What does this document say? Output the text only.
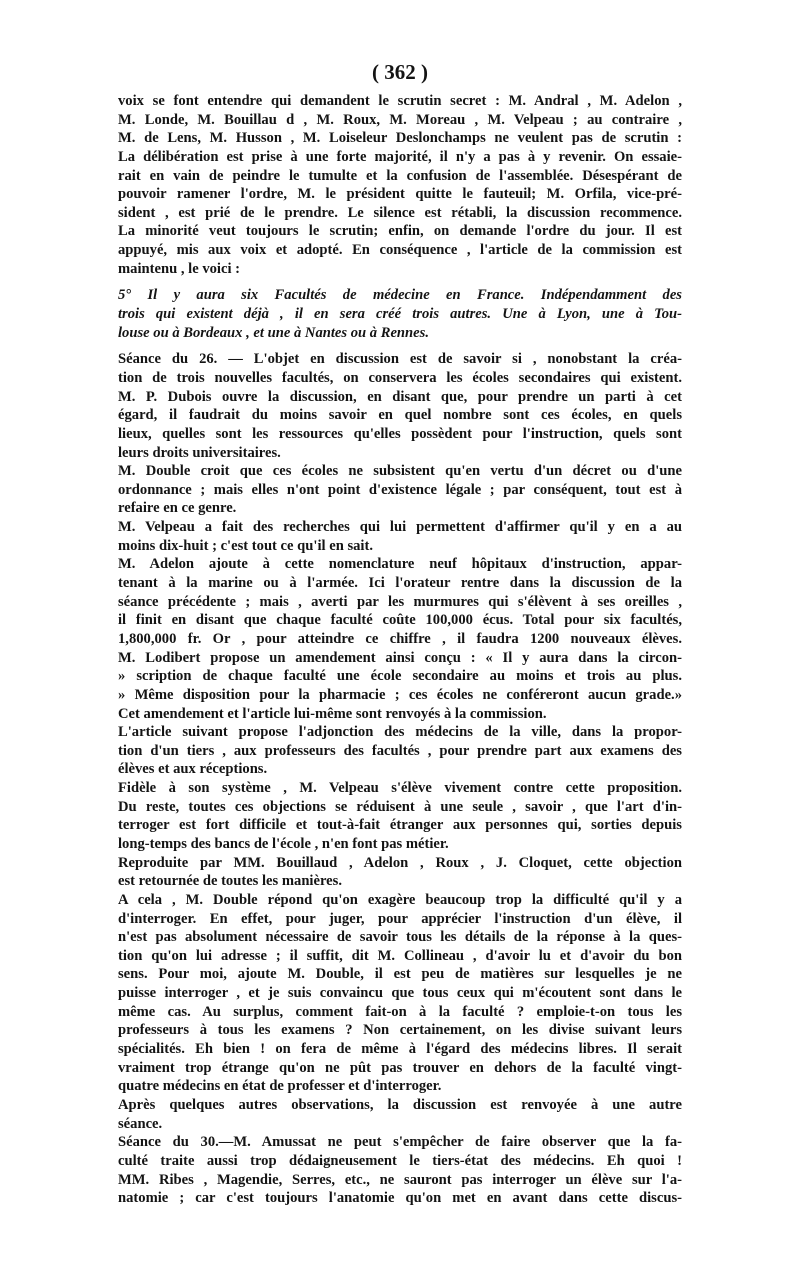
( 362 )
voix se font entendre qui demandent le scrutin secret : M. Andral , M. Adelon ,
M. Londe, M. Bouillau d , M. Roux, M. Moreau , M. Velpeau ; au contraire ,
M. de Lens, M. Husson , M. Loiseleur Deslonchamps ne veulent pas de scrutin :
La délibération est prise à une forte majorité, il n'y a pas à y revenir. On essaie-
rait en vain de peindre le tumulte et la confusion de l'assemblée. Désespérant de
pouvoir ramener l'ordre, M. le président quitte le fauteuil; M. Orfila, vice-pré-
sident , est prié de le prendre. Le silence est rétabli, la discussion recommence.
La minorité veut toujours le scrutin; enfin, on demande l'ordre du jour. Il est
appuyé, mis aux voix et adopté. En conséquence , l'article de la commission est
maintenu , le voici :
5° Il y aura six Facultés de médecine en France. Indépendamment des
trois qui existent déjà , il en sera créé trois autres. Une à Lyon, une à Tou-
louse ou à Bordeaux , et une à Nantes ou à Rennes.
Séance du 26. — L'objet en discussion est de savoir si , nonobstant la créa-
tion de trois nouvelles facultés, on conservera les écoles secondaires qui existent.
M. P. Dubois ouvre la discussion, en disant que, pour prendre un parti à cet
égard, il faudrait du moins savoir en quel nombre sont ces écoles, en quels
lieux, quelles sont les ressources qu'elles possèdent pour l'instruction, quels sont
leurs droits universitaires.
M. Double croit que ces écoles ne subsistent qu'en vertu d'un décret ou d'une
ordonnance ; mais elles n'ont point d'existence légale ; par conséquent, tout est à
refaire en ce genre.
M. Velpeau a fait des recherches qui lui permettent d'affirmer qu'il y en a au
moins dix-huit ; c'est tout ce qu'il en sait.
M. Adelon ajoute à cette nomenclature neuf hôpitaux d'instruction, appar-
tenant à la marine ou à l'armée. Ici l'orateur rentre dans la discussion de la
séance précédente ; mais , averti par les murmures qui s'élèvent à ses oreilles ,
il finit en disant que chaque faculté coûte 100,000 écus. Total pour six facultés,
1,800,000 fr. Or , pour atteindre ce chiffre , il faudra 1200 nouveaux élèves.
M. Lodibert propose un amendement ainsi conçu : « Il y aura dans la circon-
» scription de chaque faculté une école secondaire au moins et trois au plus.
» Même disposition pour la pharmacie ; ces écoles ne conféreront aucun grade.»
Cet amendement et l'article lui-même sont renvoyés à la commission.
L'article suivant propose l'adjonction des médecins de la ville, dans la propor-
tion d'un tiers , aux professeurs des facultés , pour prendre part aux examens des
élèves et aux réceptions.
Fidèle à son système , M. Velpeau s'élève vivement contre cette proposition.
Du reste, toutes ces objections se réduisent à une seule , savoir , que l'art d'in-
terroger est fort difficile et tout-à-fait étranger aux personnes qui, sorties depuis
long-temps des bancs de l'école , n'en font pas métier.
Reproduite par MM. Bouillaud , Adelon , Roux , J. Cloquet, cette objection
est retournée de toutes les manières.
A cela , M. Double répond qu'on exagère beaucoup trop la difficulté qu'il y a
d'interroger. En effet, pour juger, pour apprécier l'instruction d'un élève, il
n'est pas absolument nécessaire de savoir tous les détails de la réponse à la ques-
tion qu'on lui adresse ; il suffit, dit M. Collineau , d'avoir lu et d'avoir du bon
sens. Pour moi, ajoute M. Double, il est peu de matières sur lesquelles je ne
puisse interroger , et je suis convaincu que tous ceux qui m'écoutent sont dans le
même cas. Au surplus, comment fait-on à la faculté ? emploie-t-on tous les
professeurs à tous les examens ? Non certainement, on les divise suivant leurs
spécialités. Eh bien ! on fera de même à l'égard des médecins libres. Il serait
vraiment trop étrange qu'on ne pût pas trouver en dehors de la faculté vingt-
quatre médecins en état de professer et d'interroger.
Après quelques autres observations, la discussion est renvoyée à une autre
séance.
Séance du 30.—M. Amussat ne peut s'empêcher de faire observer que la fa-
culté traite aussi trop dédaigneusement le tiers-état des médecins. Eh quoi !
MM. Ribes , Magendie, Serres, etc., ne sauront pas interroger un élève sur l'a-
natomie ; car c'est toujours l'anatomie qu'on met en avant dans cette discus-
